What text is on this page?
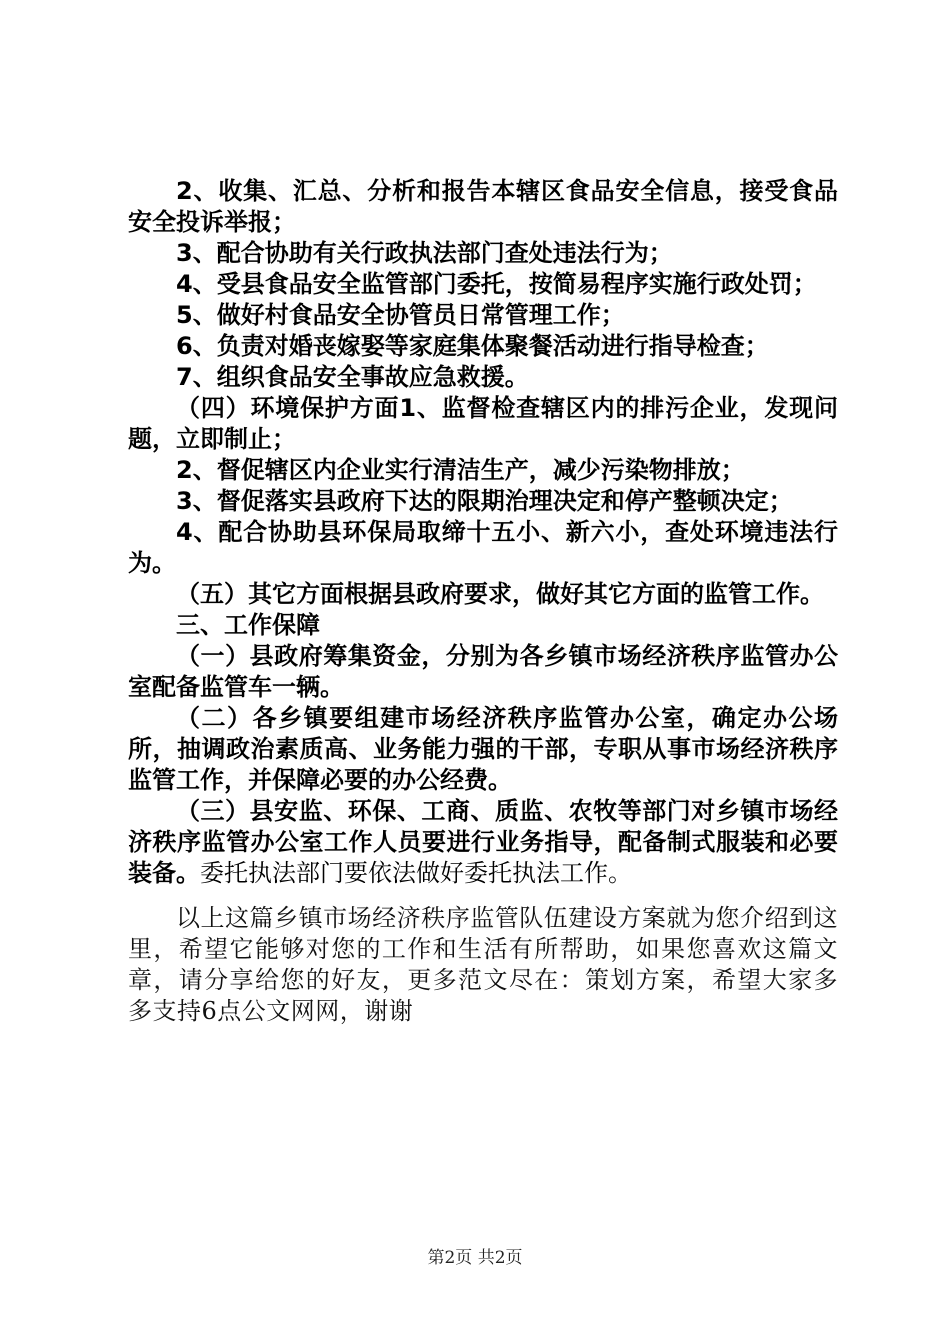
2、收集、汇总、分析和报告本辖区食品安全信息，接受食品安全投诉举报；

3、配合协助有关行政执法部门查处违法行为；

4、受县食品安全监管部门委托，按简易程序实施行政处罚；

5、做好村食品安全协管员日常管理工作；

6、负责对婚丧嫁娶等家庭集体聚餐活动进行指导检查；

7、组织食品安全事故应急救援。

（四）环境保护方面1、监督检查辖区内的排污企业，发现问题，立即制止；

2、督促辖区内企业实行清洁生产，减少污染物排放；

3、督促落实县政府下达的限期治理决定和停产整顿决定；

4、配合协助县环保局取缔十五小、新六小，查处环境违法行为。

（五）其它方面根据县政府要求，做好其它方面的监管工作。

三、工作保障

（一）县政府筹集资金，分别为各乡镇市场经济秩序监管办公室配备监管车一辆。

（二）各乡镇要组建市场经济秩序监管办公室，确定办公场所，抽调政治素质高、业务能力强的干部，专职从事市场经济秩序监管工作，并保障必要的办公经费。

（三）县安监、环保、工商、质监、农牧等部门对乡镇市场经济秩序监管办公室工作人员要进行业务指导，配备制式服装和必要装备。委托执法部门要依法做好委托执法工作。

以上这篇乡镇市场经济秩序监管队伍建设方案就为您介绍到这里，希望它能够对您的工作和生活有所帮助，如果您喜欢这篇文章，请分享给您的好友，更多范文尽在：策划方案，希望大家多多支持6点公文网网，谢谢

第2页 共2页
